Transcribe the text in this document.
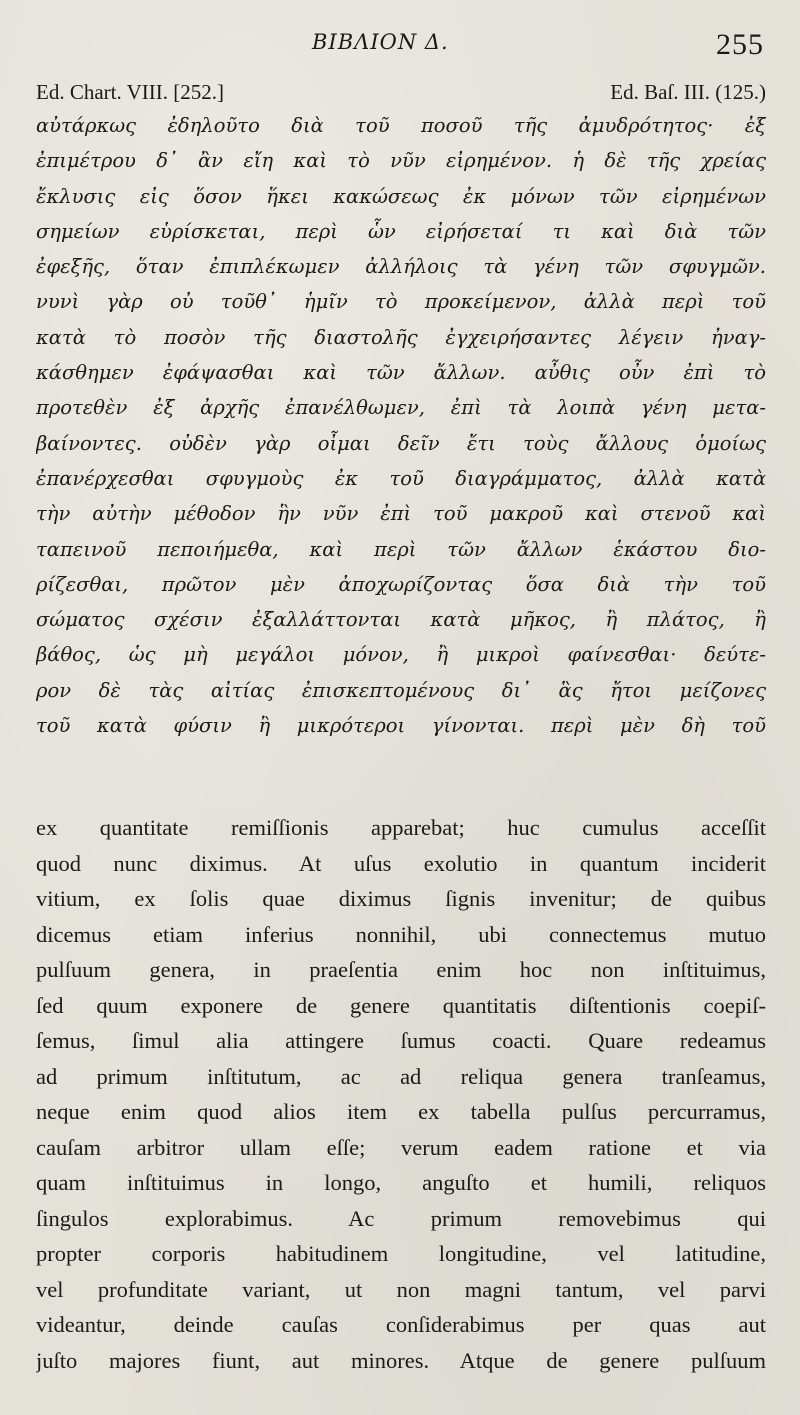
BIBΛΙΟΝ Δ.	255
Ed. Chart. VIII. [252.]	Ed. Baſ. III. (125.)
αὐτάρκως ἐδηλοῦτο διὰ τοῦ ποσοῦ τῆς ἀμυδρότητος· ἐξ
ἐπιμέτρου δ᾽ ἂν εἴη καὶ τὸ νῦν εἰρημένον. ἡ δὲ τῆς χρείας
ἔκλυσις εἰς ὅσον ἥκει κακώσεως ἐκ μόνων τῶν εἰρημένων
σημείων εὑρίσκεται, περὶ ὧν εἰρήσεταί τι καὶ διὰ τῶν
ἐφεξῆς, ὅταν ἐπιπλέκωμεν ἀλλήλοις τὰ γένη τῶν σφυγμῶν.
νυνὶ γὰρ οὐ τοῦθ᾽ ἡμῖν τὸ προκείμενον, ἀλλὰ περὶ τοῦ
κατὰ τὸ ποσὸν τῆς διαστολῆς ἐγχειρήσαντες λέγειν ἠναγ-
κάσθημεν ἐφάψασθαι καὶ τῶν ἄλλων. αὖθις οὖν ἐπὶ τὸ
προτεθὲν ἐξ ἀρχῆς ἐπανέλθωμεν, ἐπὶ τὰ λοιπὰ γένη μετα-
βαίνοντες. οὐδὲν γὰρ οἶμαι δεῖν ἔτι τοὺς ἄλλους ὁμοίως
ἐπανέρχεσθαι σφυγμοὺς ἐκ τοῦ διαγράμματος, ἀλλὰ κατὰ
τὴν αὐτὴν μέθοδον ἣν νῦν ἐπὶ τοῦ μακροῦ καὶ στενοῦ καὶ
ταπεινοῦ πεποιήμεθα, καὶ περὶ τῶν ἄλλων ἑκάστου διο-
ρίζεσθαι, πρῶτον μὲν ἀποχωρίζοντας ὅσα διὰ τὴν τοῦ
σώματος σχέσιν ἐξαλλάττονται κατὰ μῆκος, ἢ πλάτος, ἢ
βάθος, ὡς μὴ μεγάλοι μόνον, ἢ μικροὶ φαίνεσθαι· δεύτε-
ρον δὲ τὰς αἰτίας ἐπισκεπτομένους δι᾽ ἃς ἤτοι μείζονες
τοῦ κατὰ φύσιν ἢ μικρότεροι γίνονται. περὶ μὲν δὴ τοῦ
ex quantitate remiſſionis apparebat; huc cumulus acceſſit
quod nunc diximus. At uſus exolutio in quantum inciderit
vitium, ex ſolis quae diximus ſignis invenitur; de quibus
dicemus etiam inferius nonnihil, ubi connectemus mutuo
pulſuum genera, in praeſentia enim hoc non inſtituimus,
ſed quum exponere de genere quantitatis diſtentionis coepiſ-
ſemus, ſimul alia attingere ſumus coacti. Quare redeamus
ad primum inſtitutum, ac ad reliqua genera tranſeamus,
neque enim quod alios item ex tabella pulſus percurramus,
cauſam arbitror ullam eſſe; verum eadem ratione et via
quam inſtituimus in longo, anguſto et humili, reliquos
ſingulos explorabimus. Ac primum removebimus qui
propter corporis habitudinem longitudine, vel latitudine,
vel profunditate variant, ut non magni tantum, vel parvi
videantur, deinde cauſas conſiderabimus per quas aut
juſto majores fiunt, aut minores. Atque de genere pulſuum
